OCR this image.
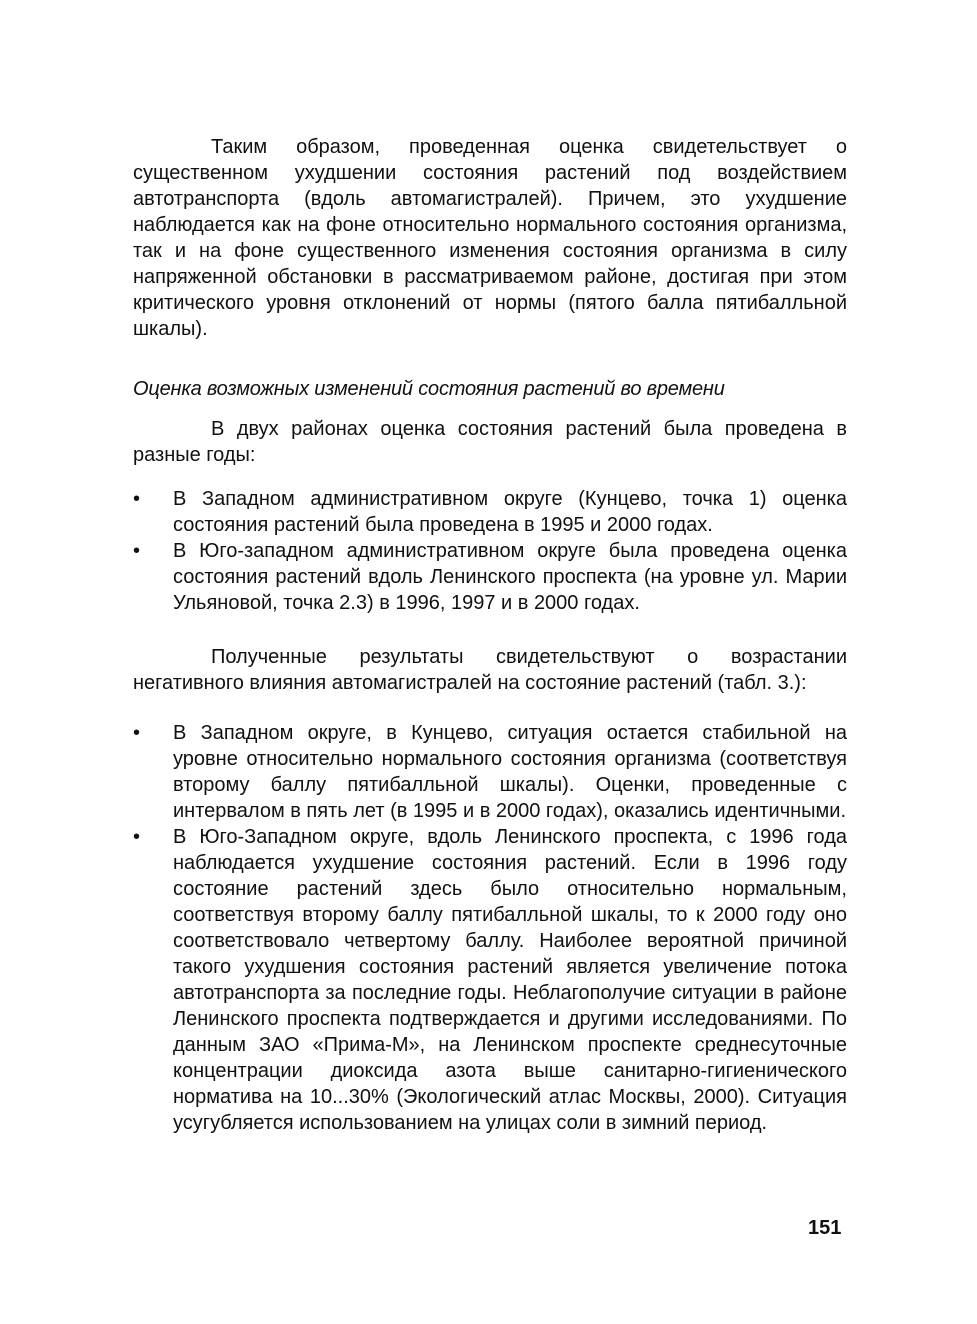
Таким образом, проведенная оценка свидетельствует о существенном ухудшении состояния растений под воздействием автотранспорта (вдоль автомагистралей). Причем, это ухудшение наблюдается как на фоне относительно нормального состояния организма, так и на фоне существенного изменения состояния организма в силу напряженной обстановки в рассматриваемом районе, достигая при этом критического уровня отклонений от нормы (пятого балла пятибалльной шкалы).

Оценка возможных изменений состояния растений во времени

В двух районах оценка состояния растений была проведена в разные годы:

• В Западном административном округе (Кунцево, точка 1) оценка состояния растений была проведена в 1995 и 2000 годах.
• В Юго-западном административном округе была проведена оценка состояния растений вдоль Ленинского проспекта (на уровне ул. Марии Ульяновой, точка 2.3) в 1996, 1997 и в 2000 годах.

Полученные результаты свидетельствуют о возрастании негативного влияния автомагистралей на состояние растений (табл. 3.):

• В Западном округе, в Кунцево, ситуация остается стабильной на уровне относительно нормального состояния организма (соответствуя второму баллу пятибалльной шкалы). Оценки, проведенные с интервалом в пять лет (в 1995 и в 2000 годах), оказались идентичными.
• В Юго-Западном округе, вдоль Ленинского проспекта, с 1996 года наблюдается ухудшение состояния растений. Если в 1996 году состояние растений здесь было относительно нормальным, соответствуя второму баллу пятибалльной шкалы, то к 2000 году оно соответствовало четвертому баллу. Наиболее вероятной причиной такого ухудшения состояния растений является увеличение потока автотранспорта за последние годы. Неблагополучие ситуации в районе Ленинского проспекта подтверждается и другими исследованиями. По данным ЗАО «Прима-М», на Ленинском проспекте среднесуточные концентрации диоксида азота выше санитарно-гигиенического норматива на 10...30% (Экологический атлас Москвы, 2000). Ситуация усугубляется использованием на улицах соли в зимний период.
151
